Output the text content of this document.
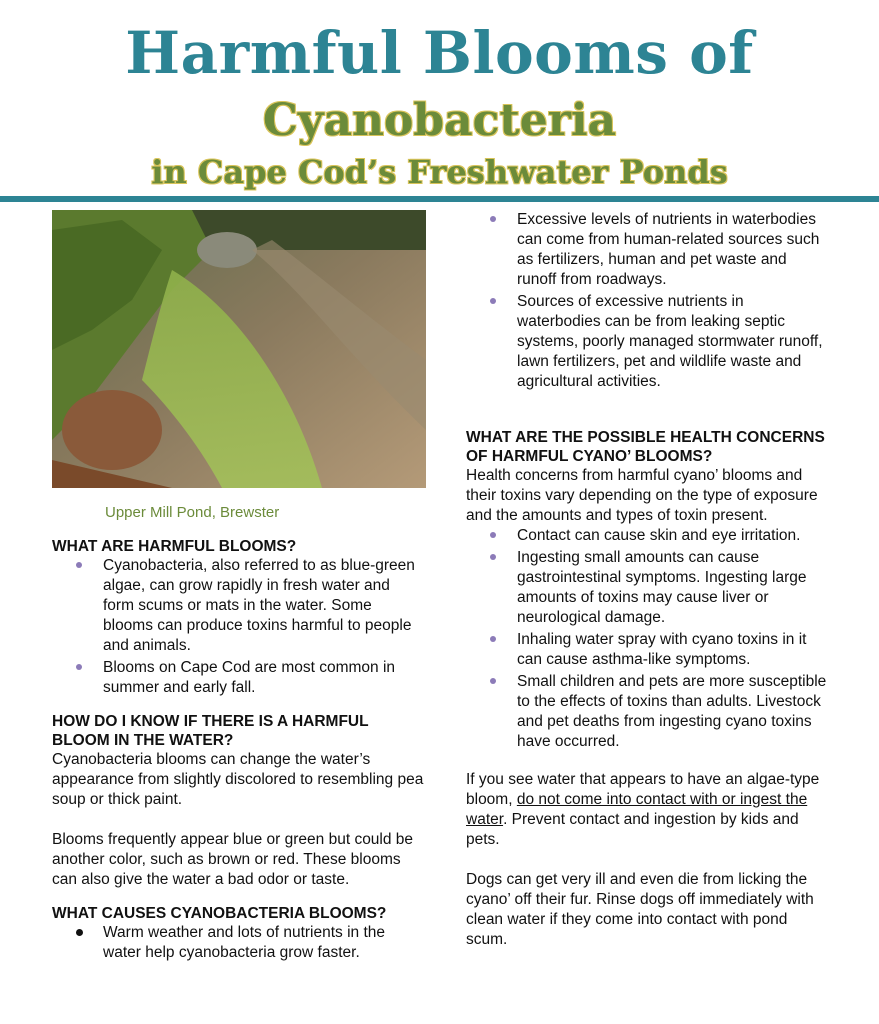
Harmful Blooms of
Cyanobacteria
in Cape Cod’s Freshwater Ponds
Upper Mill Pond, Brewster
WHAT ARE HARMFUL BLOOMS?
Cyanobacteria, also referred to as blue-green algae, can grow rapidly in fresh water and form scums or mats in the water. Some blooms can produce toxins harmful to people and animals.
Blooms on Cape Cod are most common in summer and early fall.
HOW DO I KNOW IF THERE IS A HARMFUL BLOOM IN THE WATER?

Cyanobacteria blooms can change the water’s appearance from slightly discolored to resembling pea soup or thick paint.

Blooms frequently appear blue or green but could be another color, such as brown or red. These blooms can also give the water a bad odor or taste.

WHAT CAUSES CYANOBACTERIA BLOOMS?
Warm weather and lots of nutrients in the water help cyanobacteria grow faster.
Excessive levels of nutrients in waterbodies can come from human-related sources such as fertilizers, human and pet waste and runoff from roadways.
Sources of excessive nutrients in waterbodies can be from leaking septic systems, poorly managed stormwater runoff, lawn fertilizers, pet and wildlife waste and agricultural activities.
WHAT ARE THE POSSIBLE HEALTH CONCERNS OF HARMFUL CYANO’ BLOOMS?

Health concerns from harmful cyano’ blooms and their toxins vary depending on the type of exposure and the amounts and types of toxin present.

Contact can cause skin and eye irritation.
Ingesting small amounts can cause gastrointestinal symptoms. Ingesting large amounts of toxins may cause liver or neurological damage.
Inhaling water spray with cyano toxins in it can cause asthma-like symptoms.
Small children and pets are more susceptible to the effects of toxins than adults. Livestock and pet deaths from ingesting cyano toxins have occurred.

If you see water that appears to have an algae-type bloom, do not come into contact with or ingest the water. Prevent contact and ingestion by kids and pets.

Dogs can get very ill and even die from licking the cyano’ off their fur. Rinse dogs off immediately with clean water if they come into contact with pond scum.
